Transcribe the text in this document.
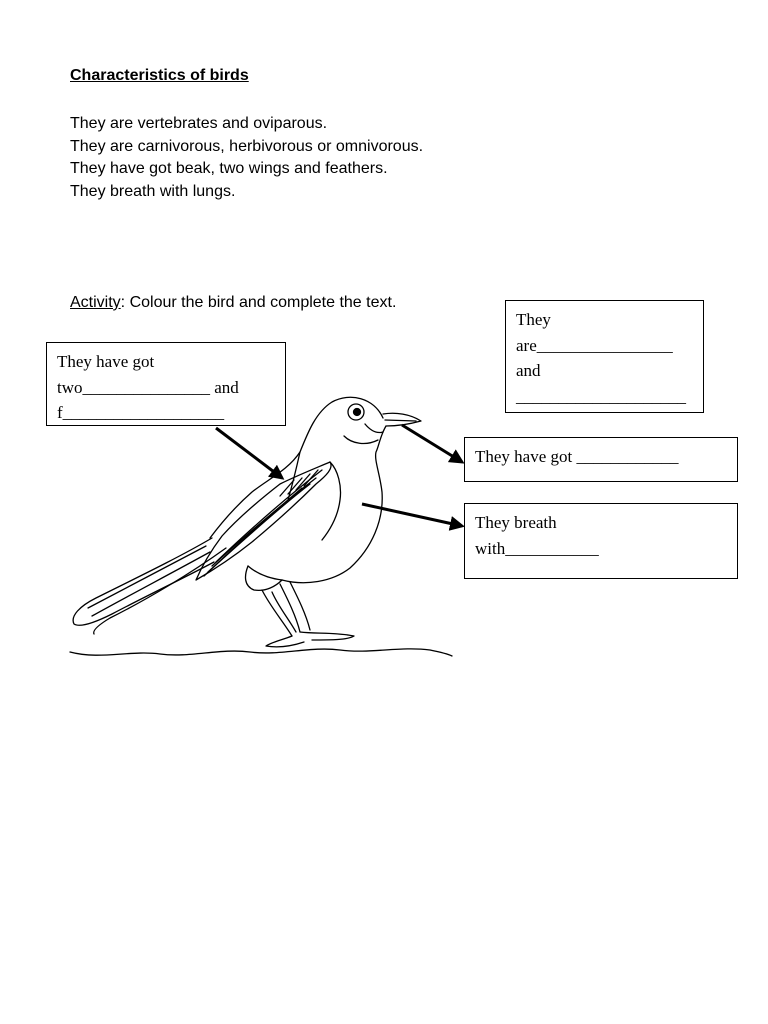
Characteristics of birds
They are vertebrates and oviparous.
They are carnivorous, herbivorous or omnivorous.
They have got beak, two wings and feathers.
They breath with lungs.
Activity: Colour the bird and complete the text.
They have got
two_______________ and
f___________________
They
are________________
and
____________________
They have got ____________
They breath
with___________
